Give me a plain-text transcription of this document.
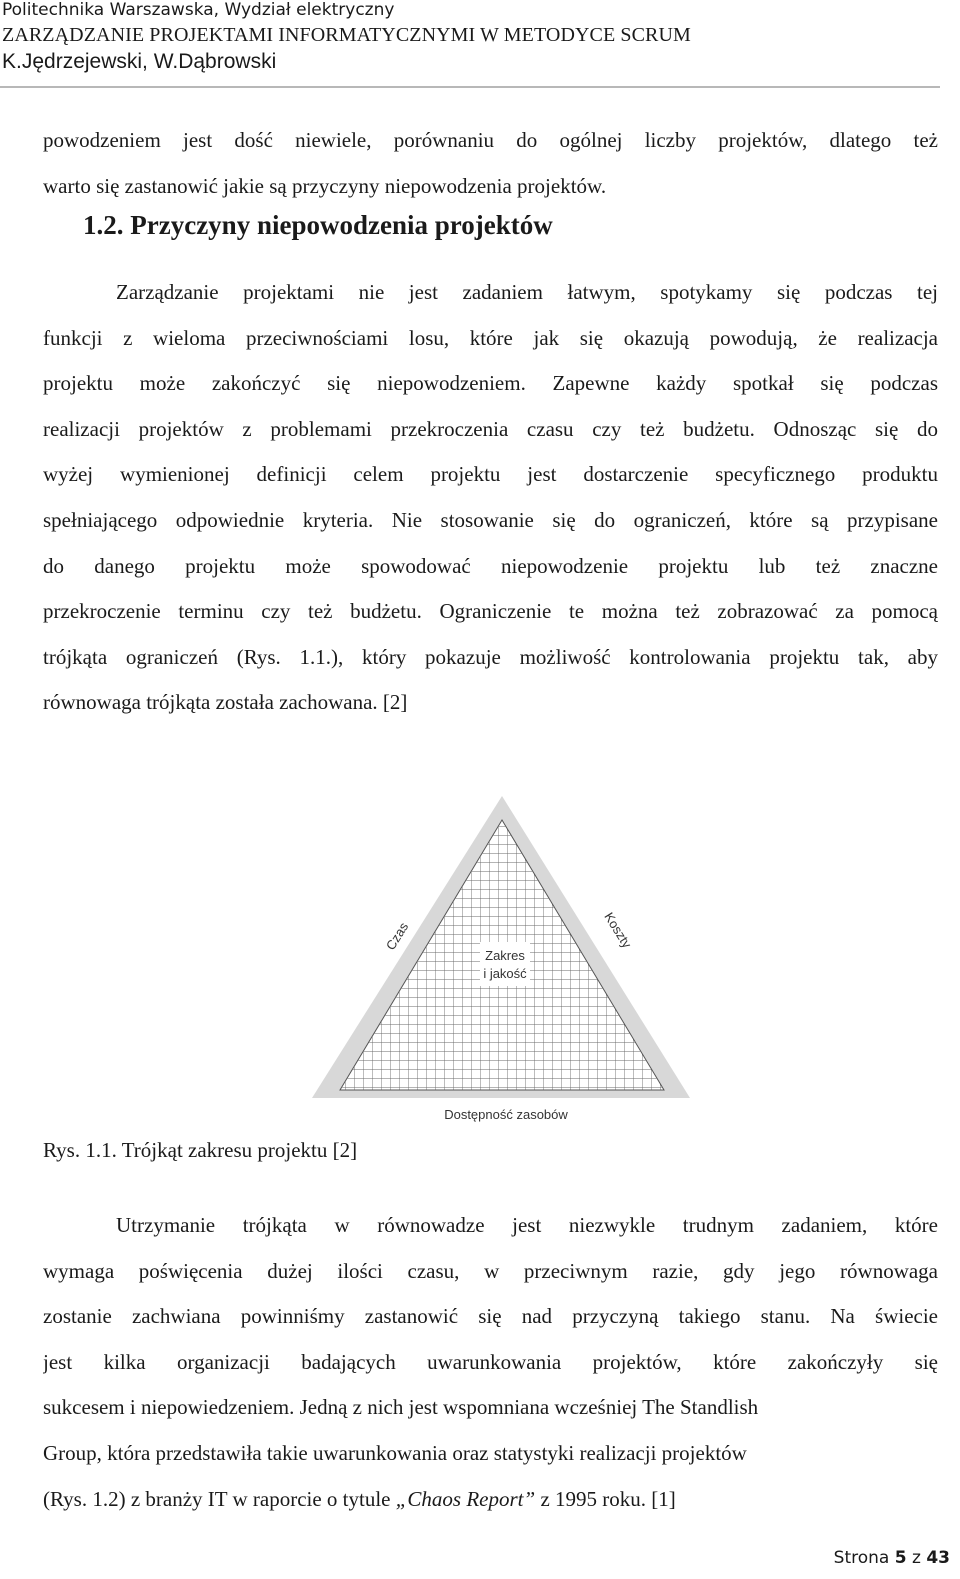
Politechnika Warszawska, Wydział elektryczny
ZARZĄDZANIE PROJEKTAMI INFORMATYCZNYMI W METODYCE SCRUM
K.Jędrzejewski, W.Dąbrowski
powodzeniem jest dość niewiele, porównaniu do ogólnej liczby projektów, dlatego też
warto się zastanowić jakie są przyczyny niepowodzenia projektów.
1.2. Przyczyny niepowodzenia projektów
Zarządzanie projektami nie jest zadaniem łatwym, spotykamy się podczas tej
funkcji z wieloma przeciwnościami losu, które jak się okazują powodują, że realizacja
projektu może zakończyć się niepowodzeniem. Zapewne każdy spotkał się podczas
realizacji projektów z problemami przekroczenia czasu czy też budżetu. Odnosząc się do
wyżej wymienionej definicji celem projektu jest dostarczenie specyficznego produktu
spełniającego odpowiednie kryteria. Nie stosowanie się do ograniczeń, które są przypisane
do danego projektu może spowodować niepowodzenie projektu lub też znaczne
przekroczenie terminu czy też budżetu. Ograniczenie te można też zobrazować za pomocą
trójkąta ograniczeń (Rys. 1.1.), który pokazuje możliwość kontrolowania projektu tak, aby
równowaga trójkąta została zachowana. [2]
Zakres
i jakość
Czas	Koszty
Dostępność zasobów
Rys. 1.1. Trójkąt zakresu projektu [2]
Utrzymanie trójkąta w równowadze jest niezwykle trudnym zadaniem, które
wymaga poświęcenia dużej ilości czasu, w przeciwnym razie, gdy jego równowaga
zostanie zachwiana powinniśmy zastanowić się nad przyczyną takiego stanu. Na świecie
jest kilka organizacji badających uwarunkowania projektów, które zakończyły się
sukcesem i niepowiedzeniem. Jedną z nich jest wspomniana wcześniej The Standlish
Group, która przedstawiła takie uwarunkowania oraz statystyki realizacji projektów
(Rys. 1.2) z branży IT w raporcie o tytule „Chaos Report” z 1995 roku. [1]
Strona 5 z 43
